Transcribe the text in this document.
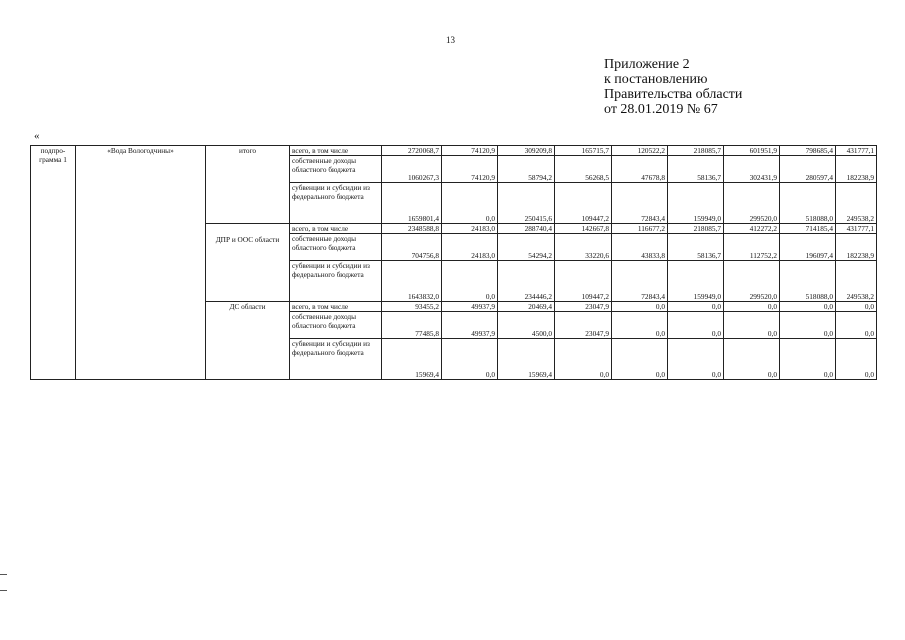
13
Приложение 2
к постановлению
Правительства области
от 28.01.2019 № 67
«
подпро-
грамма 1	«Вода Вологодчины»	итого	всего, в том числе	2720068,7	74120,9	309209,8	165715,7	120522,2	218085,7	601951,9	798685,4	431777,1
			собственные доходы областного бюджета	1060267,3	74120,9	58794,2	56268,5	47678,8	58136,7	302431,9	280597,4	182238,9
			субвенции и субсидии из федерального бюджета	1659801,4	0,0	250415,6	109447,2	72843,4	159949,0	299520,0	518088,0	249538,2
		ДПР и ООС области	всего, в том числе	2348588,8	24183,0	288740,4	142667,8	116677,2	218085,7	412272,2	714185,4	431777,1
			собственные доходы областного бюджета	704756,8	24183,0	54294,2	33220,6	43833,8	58136,7	112752,2	196097,4	182238,9
			субвенции и субсидии из федерального бюджета	1643832,0	0,0	234446,2	109447,2	72843,4	159949,0	299520,0	518088,0	249538,2
		ДС области	всего, в том числе	93455,2	49937,9	20469,4	23047,9	0,0	0,0	0,0	0,0	0,0
			собственные доходы областного бюджета	77485,8	49937,9	4500,0	23047,9	0,0	0,0	0,0	0,0	0,0
			субвенции и субсидии из федерального бюджета	15969,4	0,0	15969,4	0,0	0,0	0,0	0,0	0,0	0,0
